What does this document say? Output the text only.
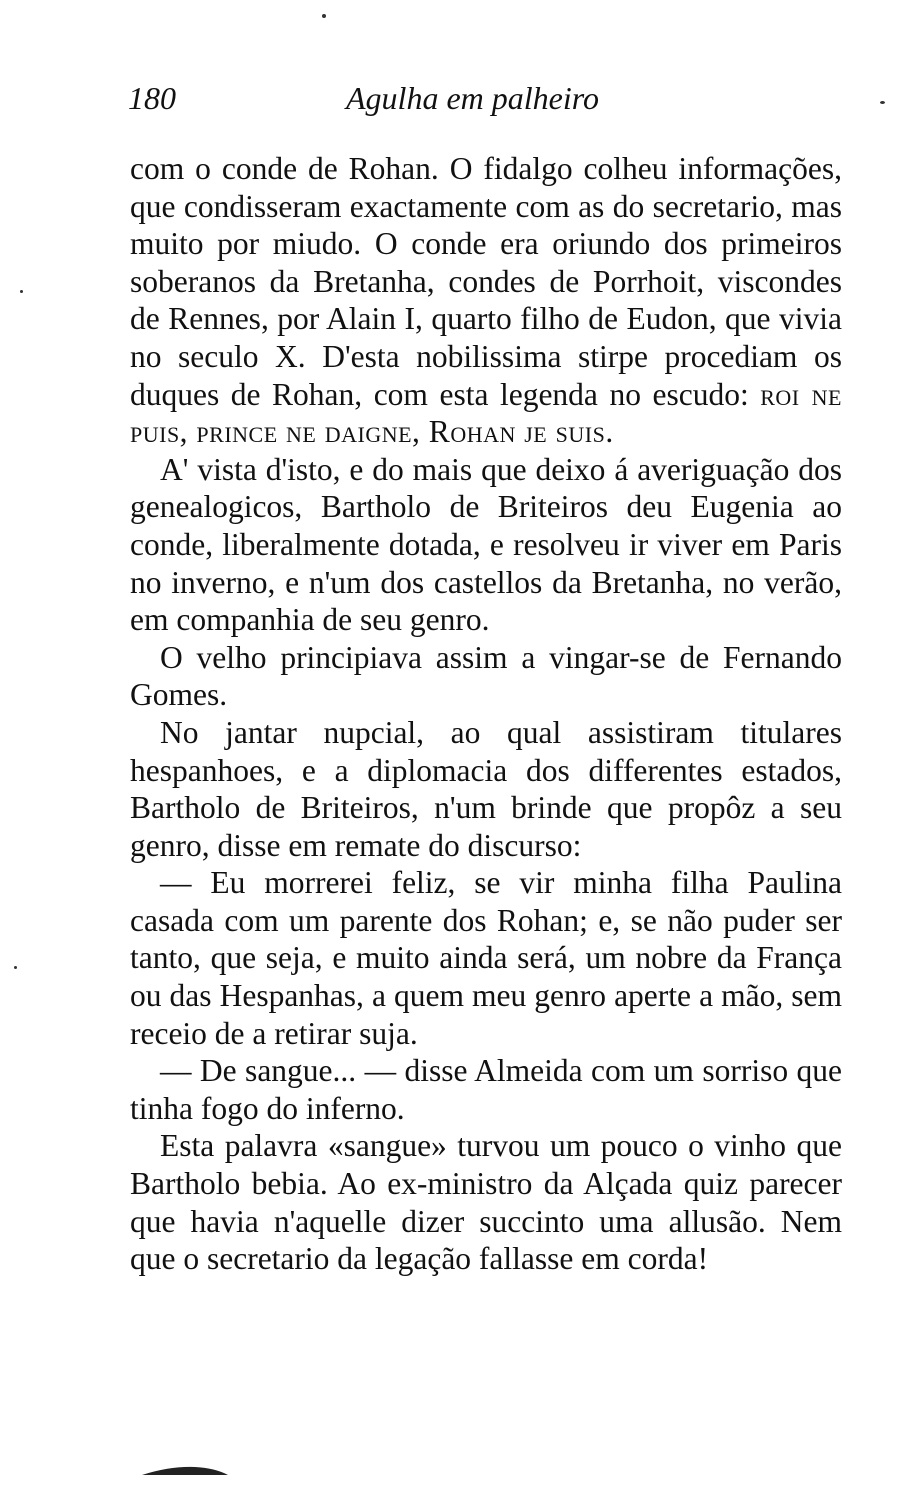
180	Agulha em palheiro

com o conde de Rohan. O fidalgo colheu informações, que condisseram exactamente com as do secretario, mas muito por miudo. O conde era oriundo dos primeiros soberanos da Bretanha, condes de Porrhoit, viscondes de Rennes, por Alain I, quarto filho de Eudon, que vivia no seculo X. D'esta nobilissima stirpe procediam os duques de Rohan, com esta legenda no escudo: roi ne puis, prince ne daigne, Rohan je suis.

A' vista d'isto, e do mais que deixo á averiguação dos genealogicos, Bartholo de Briteiros deu Eugenia ao conde, liberalmente dotada, e resolveu ir viver em Paris no inverno, e n'um dos castellos da Bretanha, no verão, em companhia de seu genro.

O velho principiava assim a vingar-se de Fernando Gomes.

No jantar nupcial, ao qual assistiram titulares hespanhoes, e a diplomacia dos differentes estados, Bartholo de Briteiros, n'um brinde que propôz a seu genro, disse em remate do discurso:

— Eu morrerei feliz, se vir minha filha Paulina casada com um parente dos Rohan; e, se não puder ser tanto, que seja, e muito ainda será, um nobre da França ou das Hespanhas, a quem meu genro aperte a mão, sem receio de a retirar suja.

— De sangue... — disse Almeida com um sorriso que tinha fogo do inferno.

Esta palavra «sangue» turvou um pouco o vinho que Bartholo bebia. Ao ex-ministro da Alçada quiz parecer que havia n'aquelle dizer succinto uma allusão. Nem que o secretario da legação fallasse em corda!
